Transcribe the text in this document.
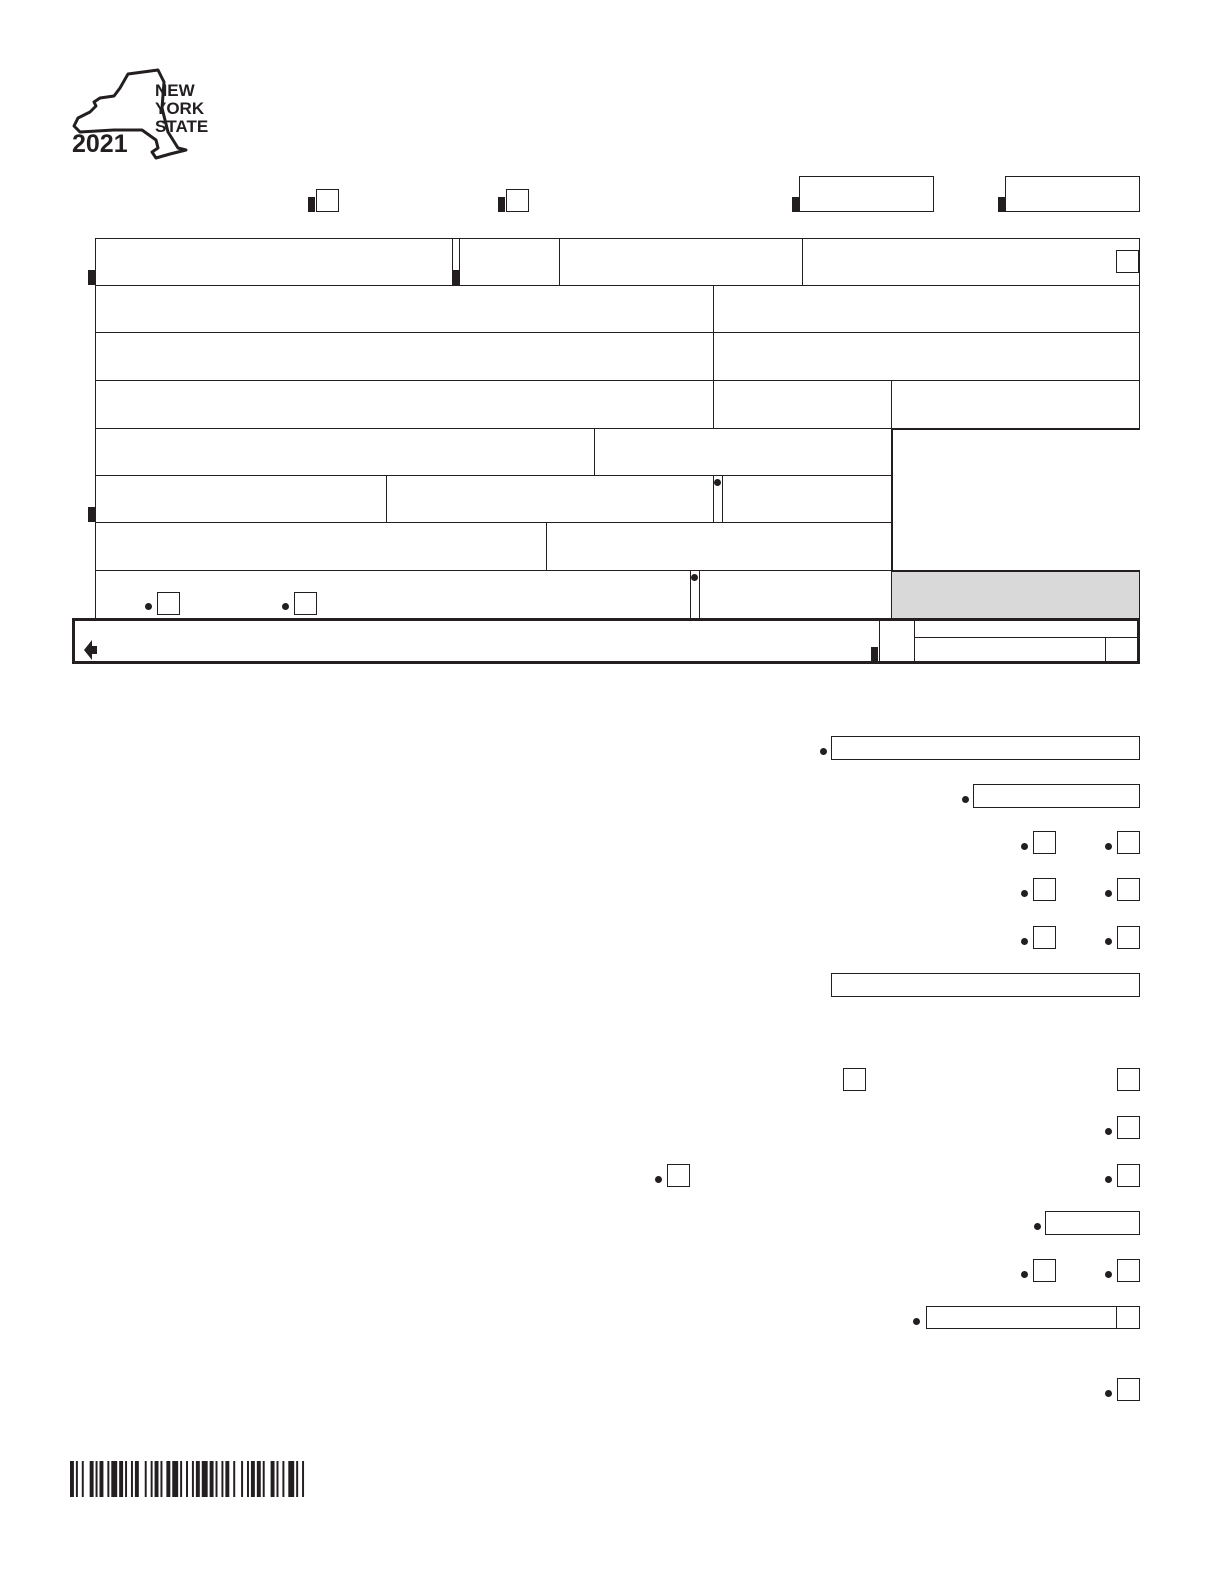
NEW
YORK
STATE
2021
